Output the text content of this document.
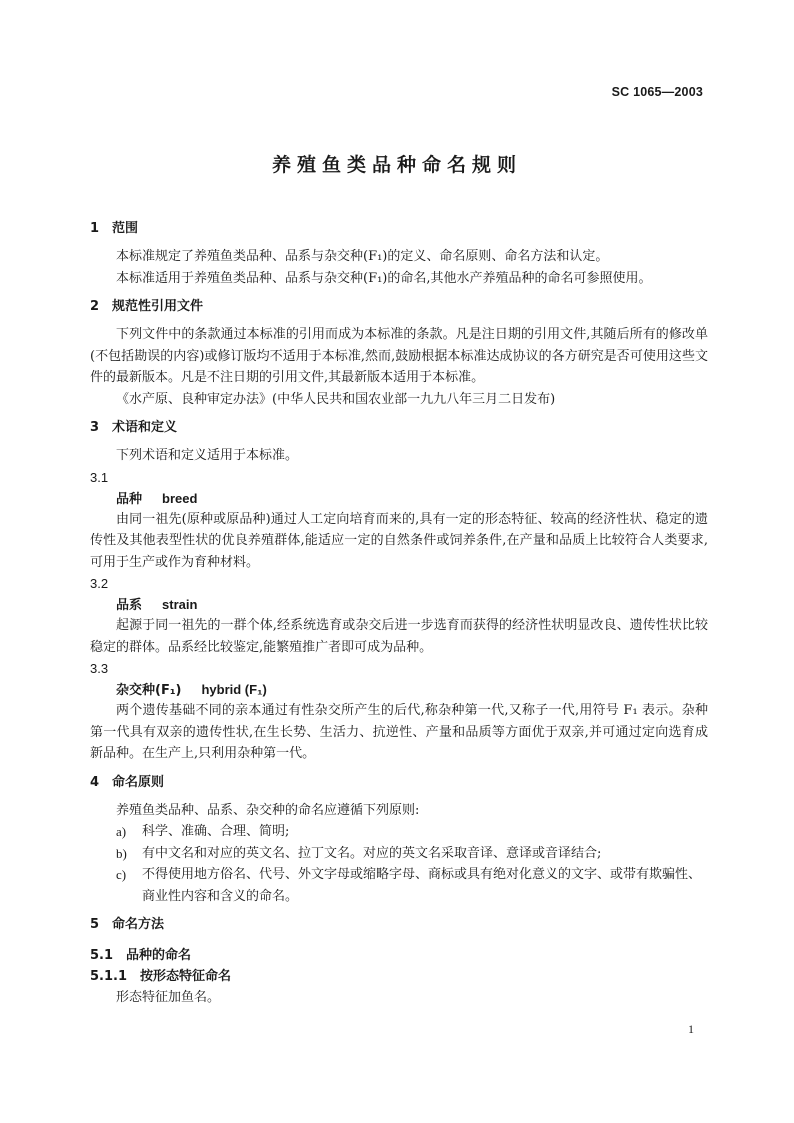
SC 1065—2003
养殖鱼类品种命名规则
1 范围

本标准规定了养殖鱼类品种、品系与杂交种(F₁)的定义、命名原则、命名方法和认定。

本标准适用于养殖鱼类品种、品系与杂交种(F₁)的命名,其他水产养殖品种的命名可参照使用。

2 规范性引用文件

下列文件中的条款通过本标准的引用而成为本标准的条款。凡是注日期的引用文件,其随后所有的修改单(不包括勘误的内容)或修订版均不适用于本标准,然而,鼓励根据本标准达成协议的各方研究是否可使用这些文件的最新版本。凡是不注日期的引用文件,其最新版本适用于本标准。

《水产原、良种审定办法》(中华人民共和国农业部一九九八年三月二日发布)

3 术语和定义

下列术语和定义适用于本标准。

3.1
品种 breed

由同一祖先(原种或原品种)通过人工定向培育而来的,具有一定的形态特征、较高的经济性状、稳定的遗传性及其他表型性状的优良养殖群体,能适应一定的自然条件或饲养条件,在产量和品质上比较符合人类要求,可用于生产或作为育种材料。

3.2
品系 strain

起源于同一祖先的一群个体,经系统选育或杂交后进一步选育而获得的经济性状明显改良、遗传性状比较稳定的群体。品系经比较鉴定,能繁殖推广者即可成为品种。

3.3
杂交种(F₁) hybrid (F₁)

两个遗传基础不同的亲本通过有性杂交所产生的后代,称杂种第一代,又称子一代,用符号 F₁ 表示。杂种第一代具有双亲的遗传性状,在生长势、生活力、抗逆性、产量和品质等方面优于双亲,并可通过定向选育成新品种。在生产上,只利用杂种第一代。

4 命名原则

养殖鱼类品种、品系、杂交种的命名应遵循下列原则:

a) 科学、准确、合理、简明;
b) 有中文名和对应的英文名、拉丁文名。对应的英文名采取音译、意译或音译结合;
c) 不得使用地方俗名、代号、外文字母或缩略字母、商标或具有绝对化意义的文字、或带有欺骗性、商业性内容和含义的命名。
5 命名方法
5.1 品种的命名
5.1.1 按形态特征命名

形态特征加鱼名。

1
